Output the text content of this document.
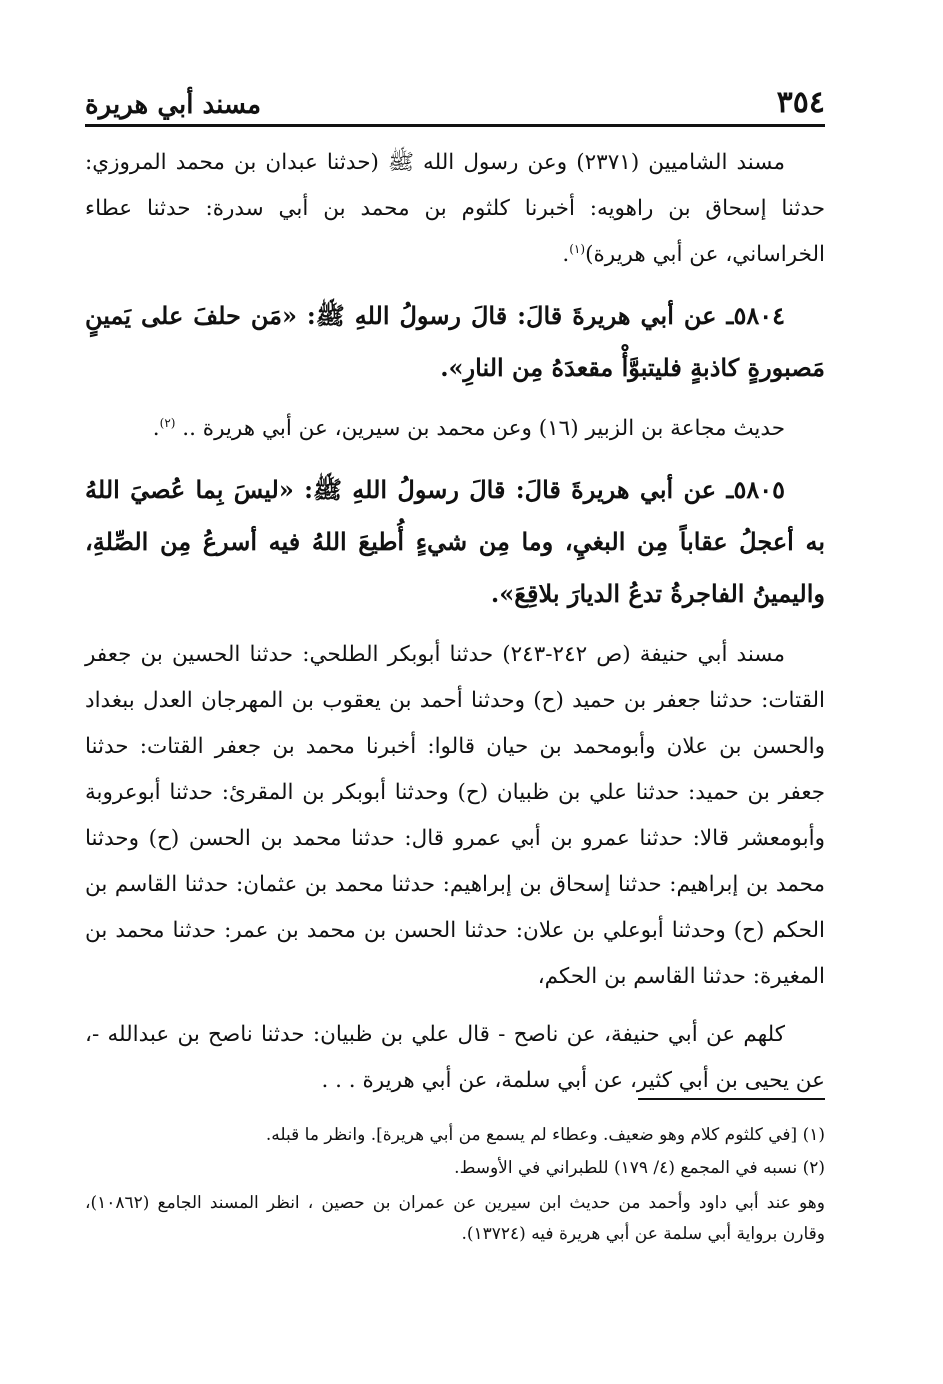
٣٥٤
مسند أبي هريرة

مسند الشاميين (٢٣٧١) وعن رسول الله ﷺ (حدثنا عبدان بن محمد المروزي: حدثنا إسحاق بن راهويه: أخبرنا كلثوم بن محمد بن أبي سدرة: حدثنا عطاء الخراساني، عن أبي هريرة)$^{(١)}$.

٥٨٠٤ـ عن أبي هريرةَ قالَ: قالَ رسولُ اللهِ ﷺ: «مَن حلفَ على يَمينٍ مَصبورةٍ كاذبةٍ فليتبوَّأْ مقعدَهُ مِن النارِ».

حديث مجاعة بن الزبير (١٦) وعن محمد بن سيرين، عن أبي هريرة .. $^{(٢)}$.

٥٨٠٥ـ عن أبي هريرةَ قالَ: قالَ رسولُ اللهِ ﷺ: «ليسَ بِما عُصيَ اللهُ به أعجلُ عقاباً مِن البغيِ، وما مِن شيءٍ أُطيعَ اللهُ فيه أسرعُ مِن الصِّلةِ، واليمينُ الفاجرةُ تدعُ الديارَ بلاقِعَ».

مسند أبي حنيفة (ص ٢٤٢-٢٤٣) حدثنا أبوبكر الطلحي: حدثنا الحسين بن جعفر القتات: حدثنا جعفر بن حميد (ح) وحدثنا أحمد بن يعقوب بن المهرجان العدل ببغداد والحسن بن علان وأبومحمد بن حيان قالوا: أخبرنا محمد بن جعفر القتات: حدثنا جعفر بن حميد: حدثنا علي بن ظبيان (ح) وحدثنا أبوبكر بن المقرئ: حدثنا أبوعروبة وأبومعشر قالا: حدثنا عمرو بن أبي عمرو قال: حدثنا محمد بن الحسن (ح) وحدثنا محمد بن إبراهيم: حدثنا إسحاق بن إبراهيم: حدثنا محمد بن عثمان: حدثنا القاسم بن الحكم (ح) وحدثنا أبوعلي بن علان: حدثنا الحسن بن محمد بن عمر: حدثنا محمد بن المغيرة: حدثنا القاسم بن الحكم،

كلهم عن أبي حنيفة، عن ناصح - قال علي بن ظبيان: حدثنا ناصح بن عبدالله -، عن يحيى بن أبي كثير، عن أبي سلمة، عن أبي هريرة . . .

(١) [في كلثوم كلام وهو ضعيف. وعطاء لم يسمع من أبي هريرة]. وانظر ما قبله.

(٢) نسبه في المجمع (٤/ ١٧٩) للطبراني في الأوسط.

وهو عند أبي داود وأحمد من حديث ابن سيرين عن عمران بن حصين ، انظر المسند الجامع (١٠٨٦٢)، وقارن برواية أبي سلمة عن أبي هريرة فيه (١٣٧٢٤).
